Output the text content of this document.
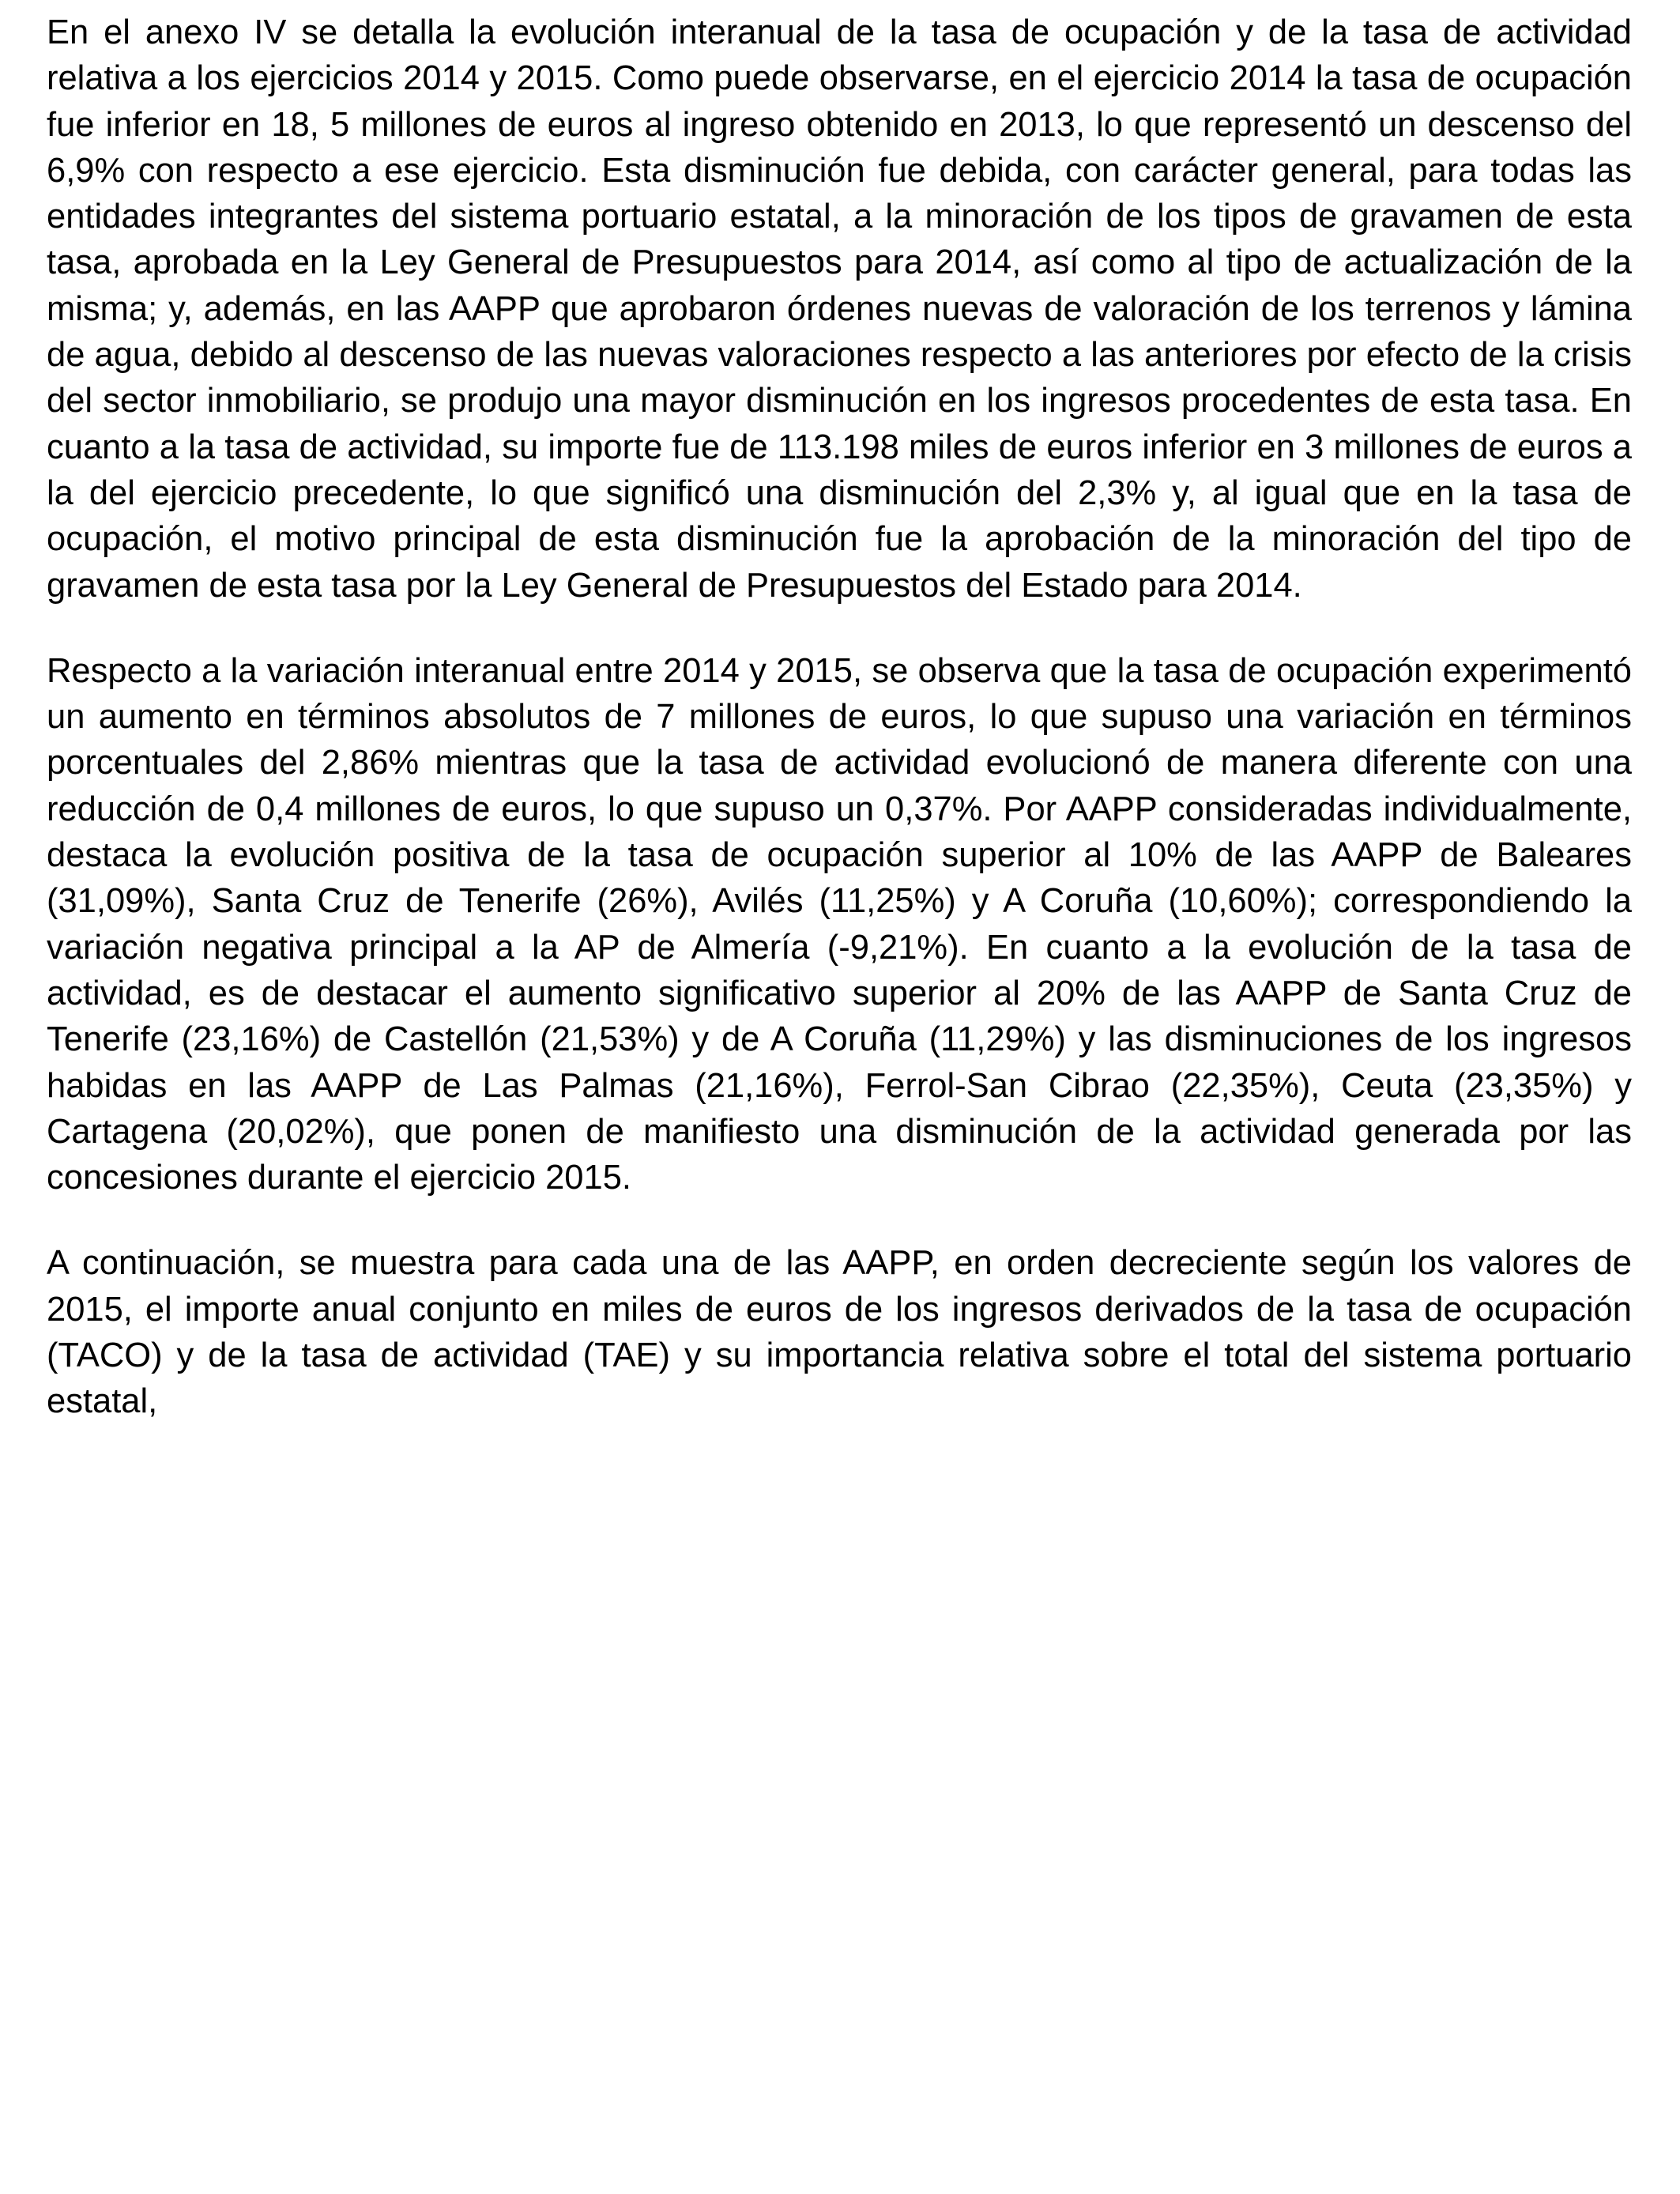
En el anexo IV se detalla la evolución interanual de la tasa de ocupación y de la tasa de actividad relativa a los ejercicios 2014 y 2015. Como puede observarse, en el ejercicio 2014 la tasa de ocupación fue inferior en 18, 5 millones de euros al ingreso obtenido en 2013, lo que representó un descenso del 6,9% con respecto a ese ejercicio. Esta disminución fue debida, con carácter general, para todas las entidades integrantes del sistema portuario estatal, a la minoración de los tipos de gravamen de esta tasa, aprobada en la Ley General de Presupuestos para 2014, así como al tipo de actualización de la misma; y, además, en las AAPP que aprobaron órdenes nuevas de valoración de los terrenos y lámina de agua, debido al descenso de las nuevas valoraciones respecto a las anteriores por efecto de la crisis del sector inmobiliario, se produjo una mayor disminución en los ingresos procedentes de esta tasa. En cuanto a la tasa de actividad, su importe fue de 113.198 miles de euros inferior en 3 millones de euros a la del ejercicio precedente, lo que significó una disminución del 2,3% y, al igual que en la tasa de ocupación, el motivo principal de esta disminución fue la aprobación de la minoración del tipo de gravamen de esta tasa por la Ley General de Presupuestos del Estado para 2014.

Respecto a la variación interanual entre 2014 y 2015, se observa que la tasa de ocupación experimentó un aumento en términos absolutos de 7 millones de euros, lo que supuso una variación en términos porcentuales del 2,86% mientras que la tasa de actividad evolucionó de manera diferente con una reducción de 0,4 millones de euros, lo que supuso un 0,37%. Por AAPP consideradas individualmente, destaca la evolución positiva de la tasa de ocupación superior al 10% de las AAPP de Baleares (31,09%), Santa Cruz de Tenerife (26%), Avilés (11,25%) y A Coruña (10,60%); correspondiendo la variación negativa principal a la AP de Almería (-9,21%). En cuanto a la evolución de la tasa de actividad, es de destacar el aumento significativo superior al 20% de las AAPP de Santa Cruz de Tenerife (23,16%) de Castellón (21,53%) y de A Coruña (11,29%) y las disminuciones de los ingresos habidas en las AAPP de Las Palmas (21,16%), Ferrol-San Cibrao (22,35%), Ceuta (23,35%) y Cartagena (20,02%), que ponen de manifiesto una disminución de la actividad generada por las concesiones durante el ejercicio 2015.

A continuación, se muestra para cada una de las AAPP, en orden decreciente según los valores de 2015, el importe anual conjunto en miles de euros de los ingresos derivados de la tasa de ocupación (TACO) y de la tasa de actividad (TAE) y su importancia relativa sobre el total del sistema portuario estatal,
